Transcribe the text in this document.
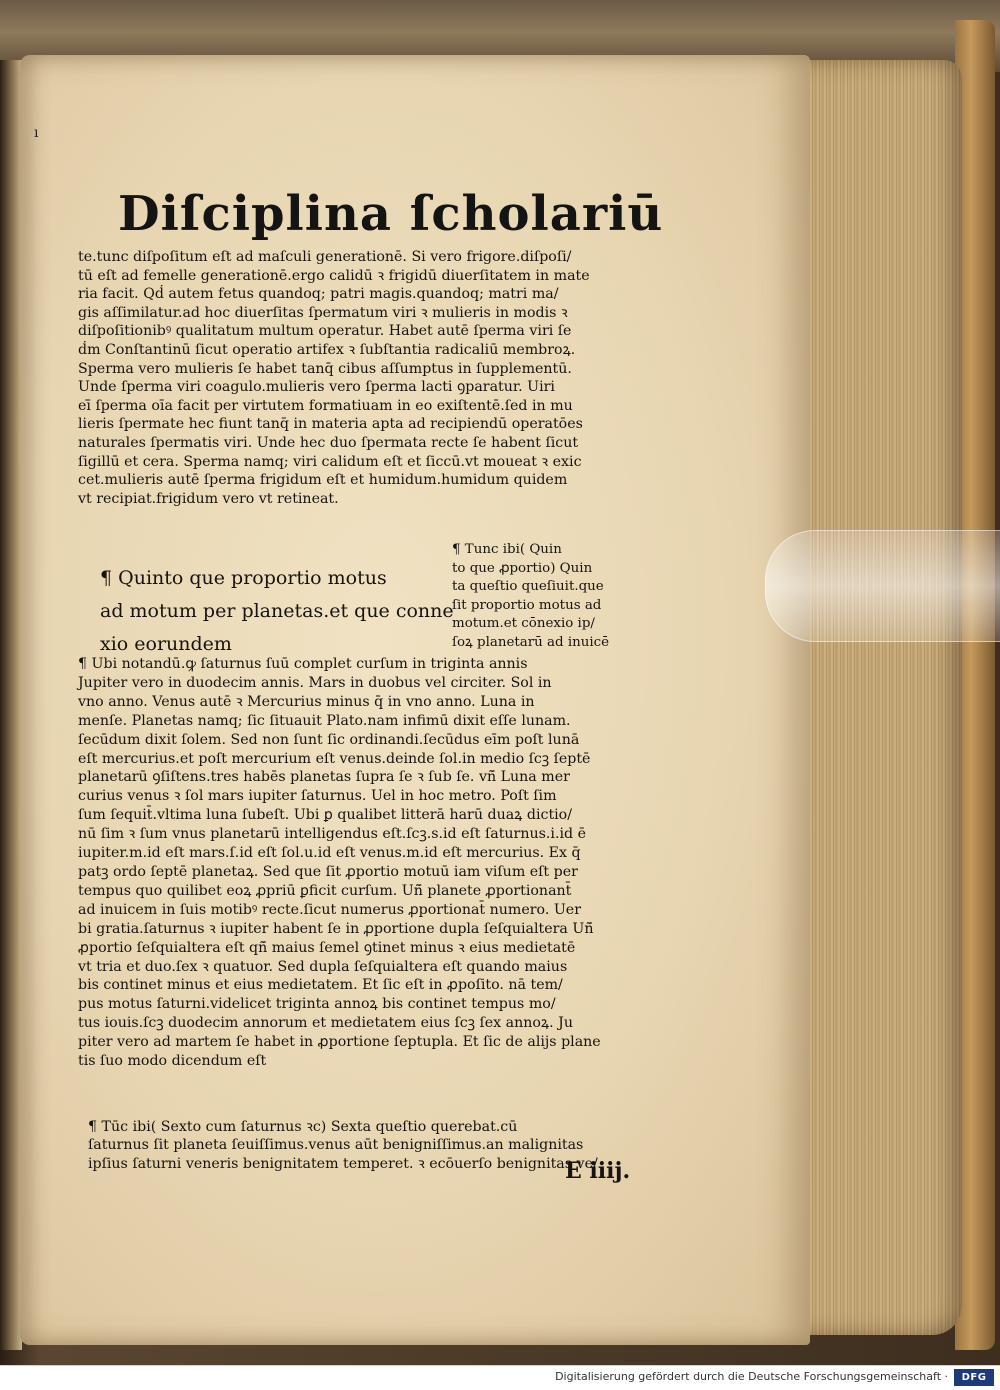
ı
Diſciplina ſcholariū
te.tunc diſpoſitum eſt ad maſculi generationē. Si vero frigore.diſpoſi/
tū eſt ad femelle generationē.ergo calidū ꝛ frigidū diuerſitatem in mate
ria facit. Qḋ autem fetus quandoq; patri magis.quandoq; matri ma/
gis aſſimilatur.ad hoc diuerſitas ſpermatum viri ꝛ mulieris in modis ꝛ
diſpoſitionibꝰ qualitatum multum operatur. Habet autē ſperma viri ſe
ḋm Conſtantinū ſicut operatio artifex ꝛ ſubſtantia radicaliū membroꝝ.
Sperma vero mulieris ſe habet tanq̄ cibus aſſumptus in ſupplementū.
Unde ſperma viri coagulo.mulieris vero ſperma lacti ꝯparatur. Uiri
eī̄ ſperma oīa facit per virtutem formatiuam in eo exiſtentē.ſed in mu
lieris ſpermate hec fiunt tanq̄ in materia apta ad recipiendū operatōes
naturales ſpermatis viri. Unde hec duo ſpermata recte ſe habent ſicut
ſigillū et cera. Sperma namq; viri calidum eſt et ſiccū.vt moueat ꝛ exic
cet.mulieris autē ſperma frigidum eſt et humidum.humidum quidem
vt recipiat.frigidum vero vt retineat.
¶ Quinto que proportio motus
ad motum per planetas.et que conne
xio eorundem
¶ Tunc ibi( Quin
to que ꝓportio) Quin
ta queſtio queſiuit.que
ſit proportio motus ad
motum.et cōnexio ip/
ſoꝝ planetarū ad inuicē
¶ Ubi notandū.ꝙ ſaturnus ſuū complet curſum in triginta annis
Jupiter vero in duodecim annis. Mars in duobus vel circiter. Sol in
vno anno. Venus autē ꝛ Mercurius minus q̄ in vno anno. Luna in
menſe. Planetas namq; ſic ſituauit Plato.nam infimū dixit eſſe lunam.
ſecūdum dixit ſolem. Sed non ſunt ſic ordinandi.ſecūdus eīm poſt lunā
eſt mercurius.et poſt mercurium eſt venus.deinde ſol.in medio ſcꝫ ſeptē
planetarū ꝯſiſtens.tres habēs planetas ſupra ſe ꝛ ſub ſe. vñ̄ Luna mer
curius venus ꝛ ſol mars iupiter ſaturnus. Uel in hoc metro. Poſt ſim
ſum ſequit̄.vltima luna ſubeſt. Ubi ꝑ qualibet litterā harū duaꝝ dictio/
nū ſim ꝛ ſum vnus planetarū intelligendus eſt.ſcꝫ.s.id eſt ſaturnus.i.id ē
iupiter.m.id eſt mars.ſ.id eſt ſol.u.id eſt venus.m.id eſt mercurius. Ex q̄
patꝫ ordo ſeptē planetaꝝ. Sed que ſit ꝓportio motuū iam viſum eſt per
tempus quo quilibet eoꝝ ꝓpriū ꝑficit curſum. Uñ̄ planete ꝓportionant̄
ad inuicem in ſuis motibꝰ recte.ſicut numerus ꝓportionat̄ numero. Uer
bi gratia.ſaturnus ꝛ iupiter habent ſe in ꝓportione dupla ſeſquialtera Uñ̄
ꝓportio ſeſquialtera eſt qñ̄ maius ſemel ꝯtinet minus ꝛ eius medietatē
vt tria et duo.ſex ꝛ quatuor. Sed dupla ſeſquialtera eſt quando maius
bis continet minus et eius medietatem. Et ſic eſt in ꝓpoſito. nā tem/
pus motus ſaturni.videlicet triginta annoꝝ bis continet tempus mo/
tus iouis.ſcꝫ duodecim annorum et medietatem eius ſcꝫ ſex annoꝝ. Ju
piter vero ad martem ſe habet in ꝓportione ſeptupla. Et ſic de alijs plane
tis ſuo modo dicendum eſt
¶ Tūc ibi( Sexto cum ſaturnus ꝛc) Sexta queſtio querebat.cū
ſaturnus ſit planeta ſeuiſſimus.venus aūt benigniſſimus.an malignitas
ipſius ſaturni veneris benignitatem temperet. ꝛ ecōuerſo benignitas ve/
E iiij.
Digitalisierung gefördert durch die Deutsche Forschungsgemeinschaft ·	DFG
